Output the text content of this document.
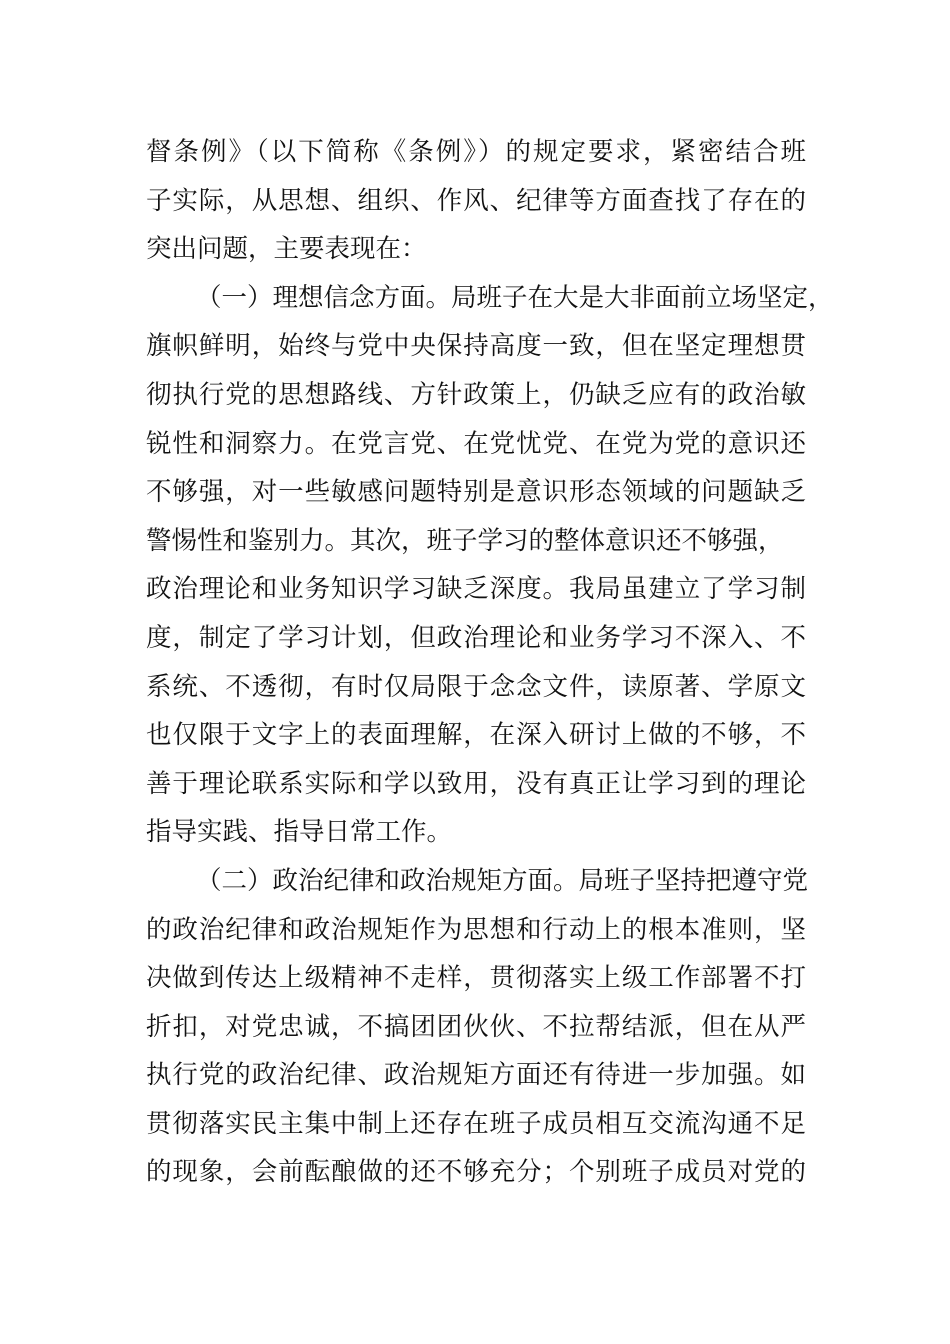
督条例》（以下简称《条例》）的规定要求，紧密结合班
子实际，从思想、组织、作风、纪律等方面查找了存在的
突出问题，主要表现在：
（一）理想信念方面。局班子在大是大非面前立场坚定，
旗帜鲜明，始终与党中央保持高度一致，但在坚定理想贯
彻执行党的思想路线、方针政策上，仍缺乏应有的政治敏
锐性和洞察力。在党言党、在党忧党、在党为党的意识还
不够强，对一些敏感问题特别是意识形态领域的问题缺乏
警惕性和鉴别力。其次，班子学习的整体意识还不够强，
政治理论和业务知识学习缺乏深度。我局虽建立了学习制
度，制定了学习计划，但政治理论和业务学习不深入、不
系统、不透彻，有时仅局限于念念文件，读原著、学原文
也仅限于文字上的表面理解，在深入研讨上做的不够，不
善于理论联系实际和学以致用，没有真正让学习到的理论
指导实践、指导日常工作。
（二）政治纪律和政治规矩方面。局班子坚持把遵守党
的政治纪律和政治规矩作为思想和行动上的根本准则，坚
决做到传达上级精神不走样，贯彻落实上级工作部署不打
折扣，对党忠诚，不搞团团伙伙、不拉帮结派，但在从严
执行党的政治纪律、政治规矩方面还有待进一步加强。如
贯彻落实民主集中制上还存在班子成员相互交流沟通不足
的现象，会前酝酿做的还不够充分；个别班子成员对党的
